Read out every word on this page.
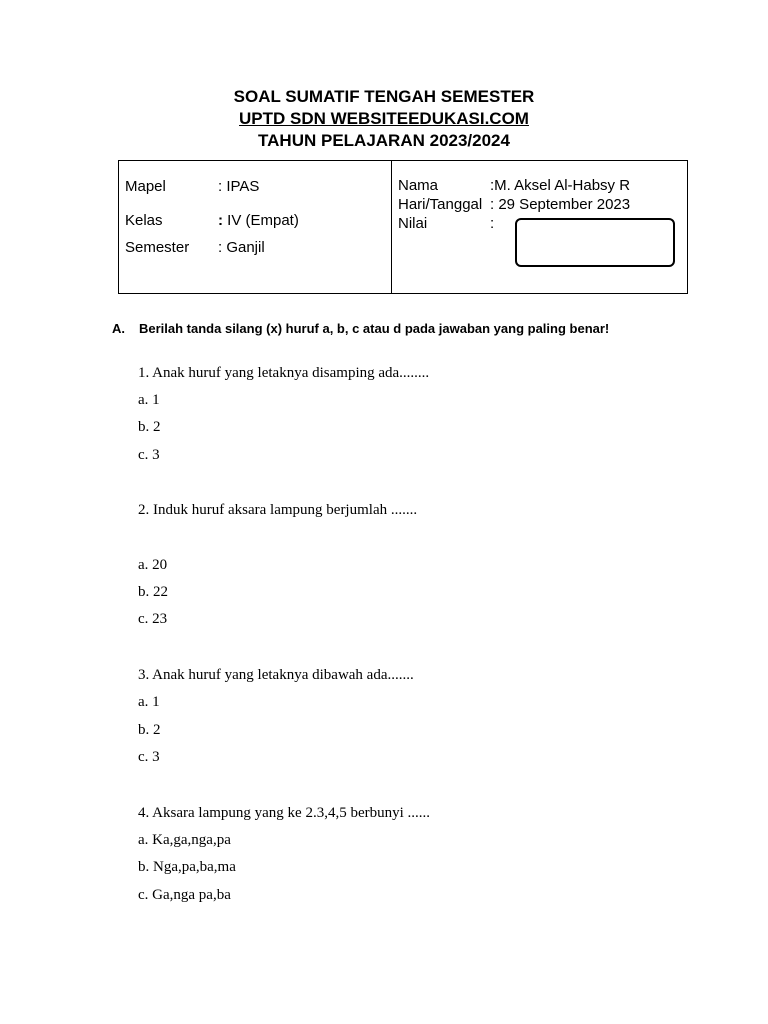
SOAL SUMATIF TENGAH SEMESTER
UPTD SDN WEBSITEEDUKASI.COM
TAHUN PELAJARAN 2023/2024
Mapel	: IPAS
Kelas	: IV (Empat)
Semester	: Ganjil
Nama	:M. Aksel Al-Habsy R
Hari/Tanggal : 29 September 2023
Nilai	:
A. Berilah tanda silang (x) huruf a, b, c atau d pada jawaban yang paling benar!
1. Anak huruf yang letaknya disamping ada........
a. 1
b. 2
c. 3
2. Induk huruf aksara lampung berjumlah .......
a. 20
b. 22
c. 23
3. Anak huruf yang letaknya dibawah ada.......
a. 1
b. 2
c. 3
4. Aksara lampung yang ke 2.3,4,5 berbunyi ......
a. Ka,ga,nga,pa
b. Nga,pa,ba,ma
c. Ga,nga pa,ba
